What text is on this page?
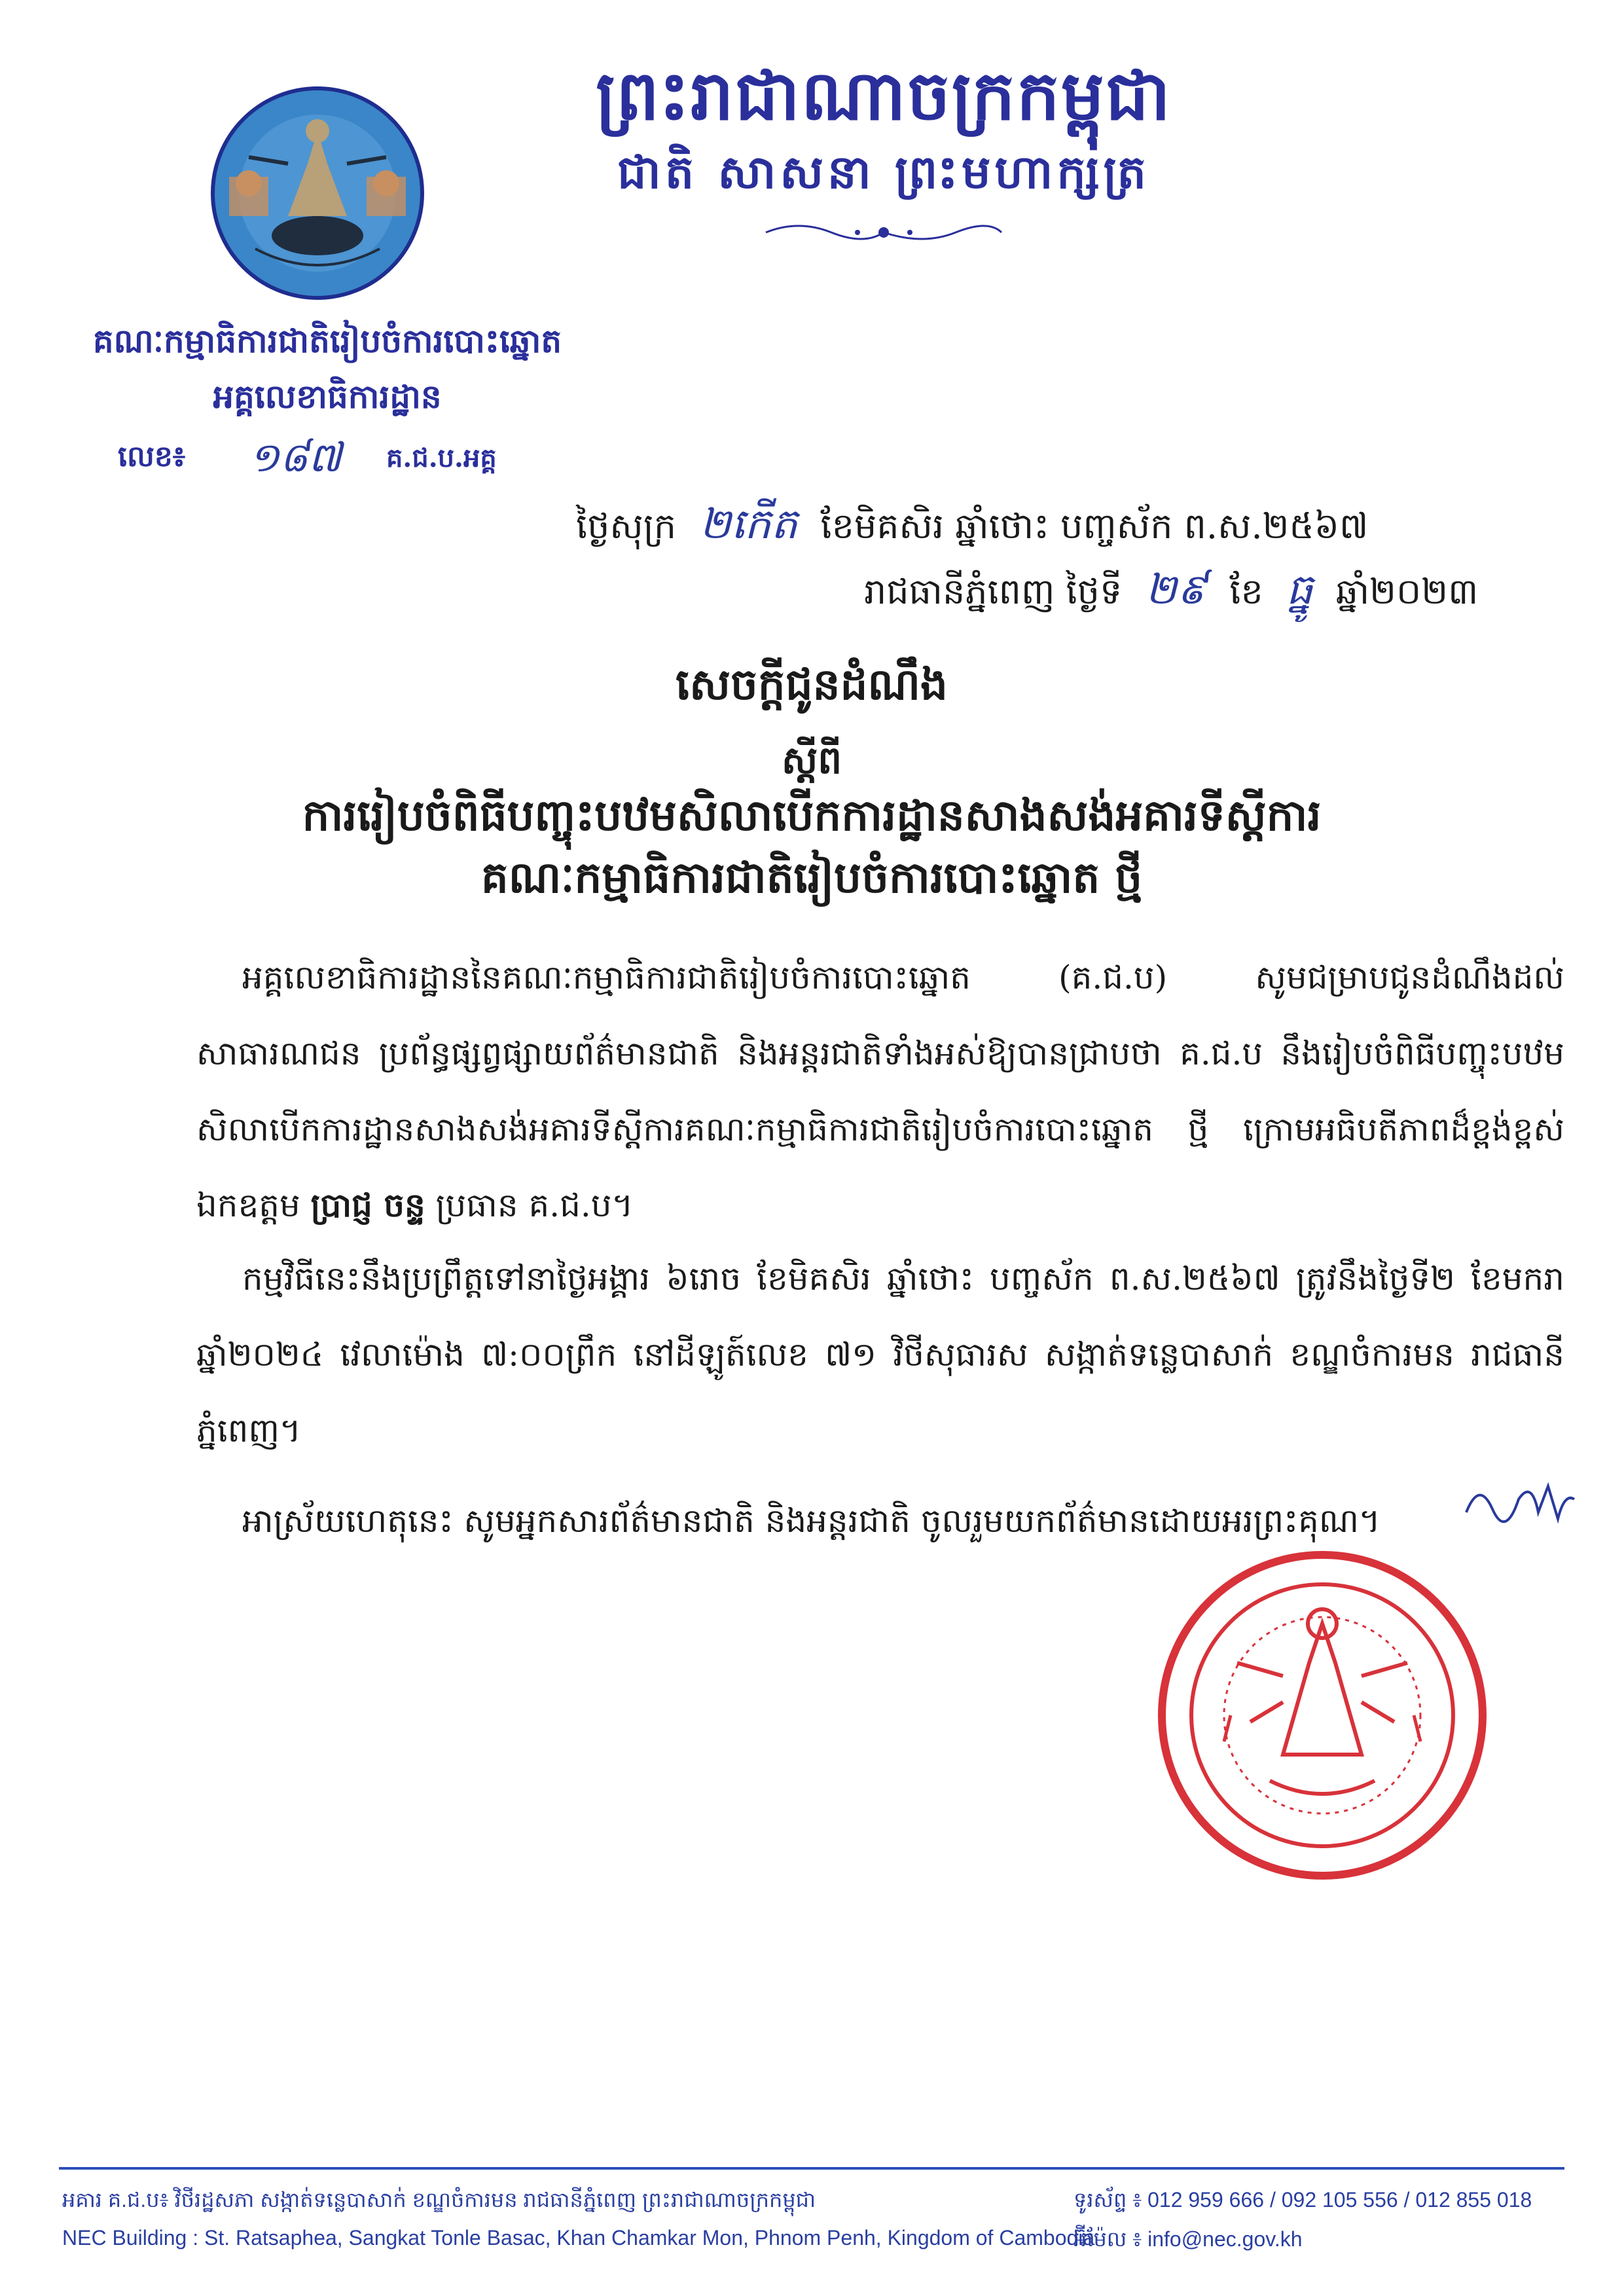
ព្រះរាជាណាចក្រកម្ពុជា
ជាតិ សាសនា ព្រះមហាក្សត្រ
គណៈកម្មាធិការជាតិរៀបចំការបោះឆ្នោត
អគ្គលេខាធិការដ្ឋាន
លេខ៖ ១៨៧ គ.ជ.ប.អគ្គ
ថ្ងៃសុក្រ ២កេីត ខែមិគសិរ ឆ្នាំថោះ បញ្ចស័ក ព.ស.២៥៦៧
រាជធានីភ្នំពេញ ថ្ងៃទី ២៩ ខែ ធ្នូ ឆ្នាំ២០២៣
សេចក្ដីជូនដំណឹង
ស្ដីពី
ការរៀបចំពិធីបញ្ចុះបឋមសិលាបើកការដ្ឋានសាងសង់អគារទីស្ដីការ
គណៈកម្មាធិការជាតិរៀបចំការបោះឆ្នោត ថ្មី
អគ្គលេខាធិការដ្ឋាននៃគណៈកម្មាធិការជាតិរៀបចំការបោះឆ្នោត (គ.ជ.ប) សូមជម្រាបជូនដំណឹងដល់សាធារណជន ប្រព័ន្ធផ្សព្វផ្សាយព័ត៌មានជាតិ និងអន្តរជាតិទាំងអស់ឱ្យបានជ្រាបថា គ.ជ.ប នឹងរៀបចំពិធីបញ្ចុះបឋមសិលាបើកការដ្ឋានសាងសង់អគារទីស្ដីការគណៈកម្មាធិការជាតិរៀបចំការបោះឆ្នោត ថ្មី ក្រោមអធិបតីភាពដ៏ខ្ពង់ខ្ពស់ ឯកឧត្ដម ប្រាជ្ញ ចន្ទ ប្រធាន គ.ជ.ប។
កម្មវិធីនេះនឹងប្រព្រឹត្តទៅនាថ្ងៃអង្គារ ៦រោច ខែមិគសិរ ឆ្នាំថោះ បញ្ចស័ក ព.ស.២៥៦៧ ត្រូវនឹងថ្ងៃទី២ ខែមករា ឆ្នាំ២០២៤ វេលាម៉ោង ៧:០០ព្រឹក នៅដីឡូត៍លេខ ៧១ វិថីសុធារស សង្កាត់ទន្លេបាសាក់ ខណ្ឌចំការមន រាជធានីភ្នំពេញ។
អាស្រ័យហេតុនេះ សូមអ្នកសារព័ត៌មានជាតិ និងអន្តរជាតិ ចូលរួមយកព័ត៌មានដោយអរព្រះគុណ។
អគារ គ.ជ.ប៖ វិថីរដ្ឋសភា សង្កាត់ទន្លេបាសាក់ ខណ្ឌចំការមន រាជធានីភ្នំពេញ ព្រះរាជាណាចក្រកម្ពុជា
NEC Building : St. Ratsaphea, Sangkat Tonle Basac, Khan Chamkar Mon, Phnom Penh, Kingdom of Cambodia
ទូរស័ព្ទ ៖ 012 959 666 / 092 105 556 / 012 855 018
អ៊ីម៉ែល ៖ info@nec.gov.kh
